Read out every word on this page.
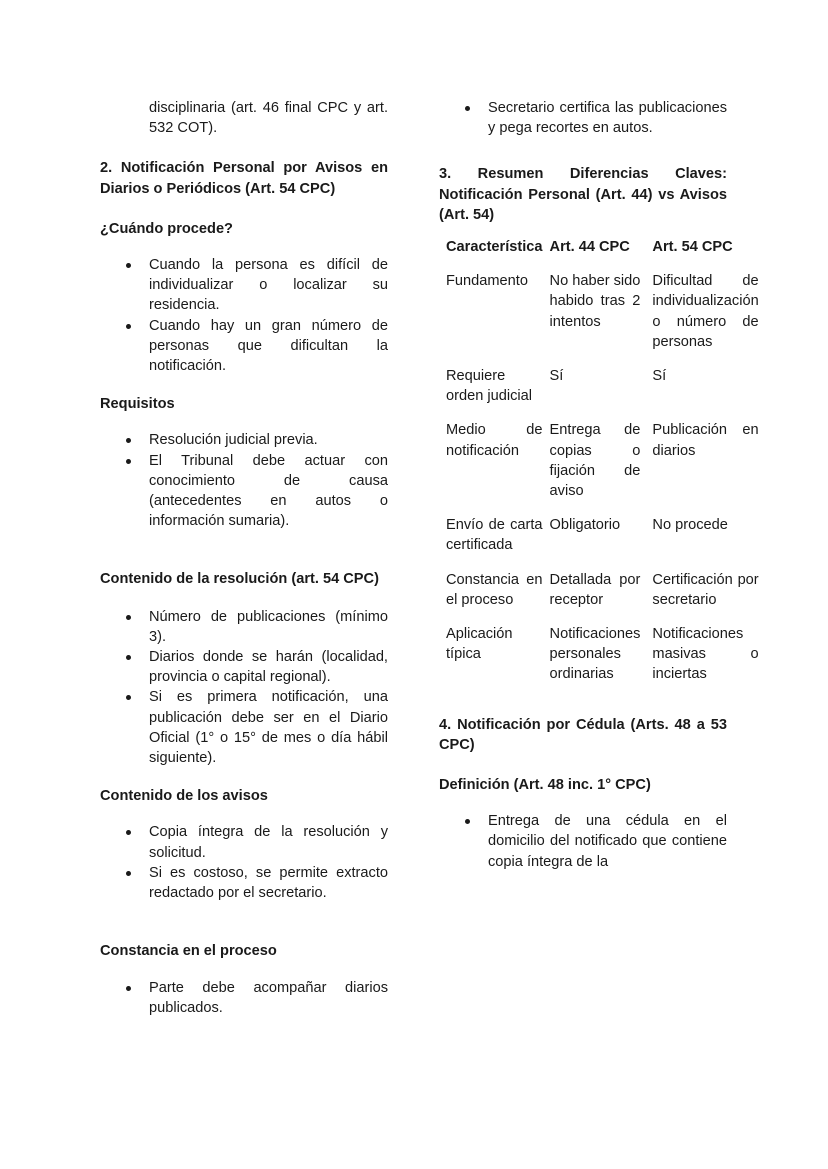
disciplinaria (art. 46 final CPC y art. 532 COT).

2. Notificación Personal por Avisos en Diarios o Periódicos (Art. 54 CPC)

¿Cuándo procede?

Cuando la persona es difícil de individualizar o localizar su residencia.
Cuando hay un gran número de personas que dificultan la notificación.

Requisitos

Resolución judicial previa.
El Tribunal debe actuar con conocimiento de causa (antecedentes en autos o información sumaria).

Contenido de la resolución (art. 54 CPC)

Número de publicaciones (mínimo 3).
Diarios donde se harán (localidad, provincia o capital regional).
Si es primera notificación, una publicación debe ser en el Diario Oficial (1° o 15° de mes o día hábil siguiente).

Contenido de los avisos

Copia íntegra de la resolución y solicitud.
Si es costoso, se permite extracto redactado por el secretario.

Constancia en el proceso

Parte debe acompañar diarios publicados.
Secretario certifica las publicaciones y pega recortes en autos.

3. Resumen Diferencias Claves: Notificación Personal (Art. 44) vs Avisos (Art. 54)

Característica	Art. 44 CPC	Art. 54 CPC
Fundamento	No haber sido habido tras 2 intentos	Dificultad de individualización o número de personas
Requiere orden judicial	Sí	Sí
Medio de notificación	Entrega de copias o fijación de aviso	Publicación en diarios
Envío de carta certificada	Obligatorio	No procede
Constancia en el proceso	Detallada por receptor	Certificación por secretario
Aplicación típica	Notificaciones personales ordinarias	Notificaciones masivas o inciertas

4. Notificación por Cédula (Arts. 48 a 53 CPC)

Definición (Art. 48 inc. 1° CPC)

Entrega de una cédula en el domicilio del notificado que contiene copia íntegra de la
